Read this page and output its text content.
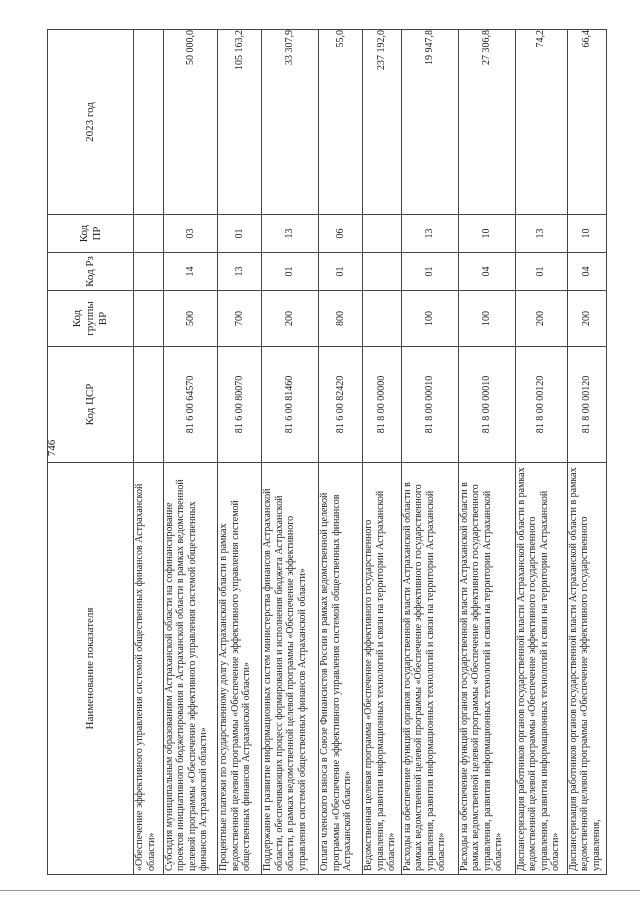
746
Наименование показателя	Код ЦСР	Код группы ВР	Код Рз	Код ПР	2023 год
«Обеспечение эффективного управления системой общественных финансов Астраханской области»					
Субсидия муниципальным образованиям Астраханской области на софинансирование проектов инициативного бюджетирования в Астраханской области в рамках ведомственной целевой программы «Обеспечение эффективного управления системой общественных финансов Астраханской области»	81 6 00 64570	500	14	03	50 000,0
Процентные платежи по государственному долгу Астраханской области в рамках ведомственной целевой программы «Обеспечение эффективного управления системой общественных финансов Астраханской области»	81 6 00 80070	700	13	01	105 163,2
Поддержание и развитие информационных систем министерства финансов Астраханской области, обеспечивающих процесс формирования и исполнения бюджета Астраханской области, в рамках ведомственной целевой программы «Обеспечение эффективного управления системой общественных финансов Астраханской области»	81 6 00 81460	200	01	13	33 307,9
Оплата членского взноса в Союзе Финансистов России в рамках ведомственной целевой программы «Обеспечение эффективного управления системой общественных финансов Астраханской области»	81 6 00 82420	800	01	06	55,0
Ведомственная целевая программа «Обеспечение эффективного государственного управления, развития информационных технологий и связи на территории Астраханской области»	81 8 00 00000				237 192,0
Расходы на обеспечение функций органов государственной власти Астраханской области в рамках ведомственной целевой программы «Обеспечение эффективного государственного управления, развития информационных технологий и связи на территории Астраханской области»	81 8 00 00010	100	01	13	19 947,8
Расходы на обеспечение функций органов государственной власти Астраханской области в рамках ведомственной целевой программы «Обеспечение эффективного государственного управления, развития информационных технологий и связи на территории Астраханской области»	81 8 00 00010	100	04	10	27 306,8
Диспансеризация работников органов государственной власти Астраханской области в рамках ведомственной целевой программы «Обеспечение эффективного государственного управления, развития информационных технологий и связи на территории Астраханской области»	81 8 00 00120	200	01	13	74,2
Диспансеризация работников органов государственной власти Астраханской области в рамках ведомственной целевой программы «Обеспечение эффективного государственного управления,	81 8 00 00120	200	04	10	66,4
